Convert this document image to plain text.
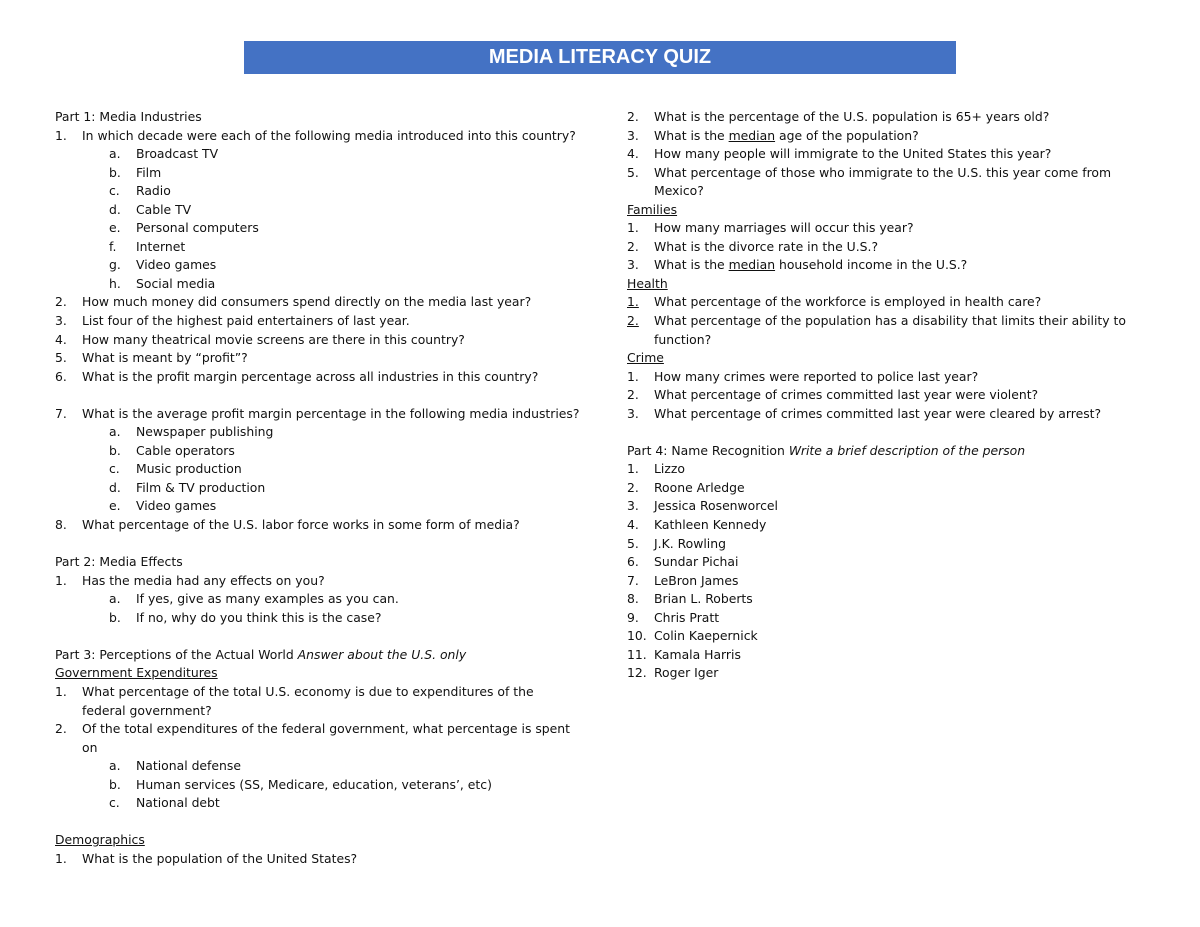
MEDIA LITERACY QUIZ
Part 1: Media Industries
1. In which decade were each of the following media introduced into this country?
a. Broadcast TV
b. Film
c. Radio
d. Cable TV
e. Personal computers
f. Internet
g. Video games
h. Social media
2. How much money did consumers spend directly on the media last year?
3. List four of the highest paid entertainers of last year.
4. How many theatrical movie screens are there in this country?
5. What is meant by “profit”?
6. What is the profit margin percentage across all industries in this country?
7. What is the average profit margin percentage in the following media industries?
a. Newspaper publishing
b. Cable operators
c. Music production
d. Film & TV production
e. Video games
8. What percentage of the U.S. labor force works in some form of media?
Part 2: Media Effects
1. Has the media had any effects on you?
a. If yes, give as many examples as you can.
b. If no, why do you think this is the case?
Part 3: Perceptions of the Actual World Answer about the U.S. only
Government Expenditures
1. What percentage of the total U.S. economy is due to expenditures of the
federal government?
2. Of the total expenditures of the federal government, what percentage is spent
on
a. National defense
b. Human services (SS, Medicare, education, veterans’, etc)
c. National debt
Demographics
1. What is the population of the United States?
2. What is the percentage of the U.S. population is 65+ years old?
3. What is the median age of the population?
4. How many people will immigrate to the United States this year?
5. What percentage of those who immigrate to the U.S. this year come from
Mexico?
Families
1. How many marriages will occur this year?
2. What is the divorce rate in the U.S.?
3. What is the median household income in the U.S.?
Health
1. What percentage of the workforce is employed in health care?
2. What percentage of the population has a disability that limits their ability to
function?
Crime
1. How many crimes were reported to police last year?
2. What percentage of crimes committed last year were violent?
3. What percentage of crimes committed last year were cleared by arrest?
Part 4: Name Recognition Write a brief description of the person
1. Lizzo
2. Roone Arledge
3. Jessica Rosenworcel
4. Kathleen Kennedy
5. J.K. Rowling
6. Sundar Pichai
7. LeBron James
8. Brian L. Roberts
9. Chris Pratt
10. Colin Kaepernick
11. Kamala Harris
12. Roger Iger
